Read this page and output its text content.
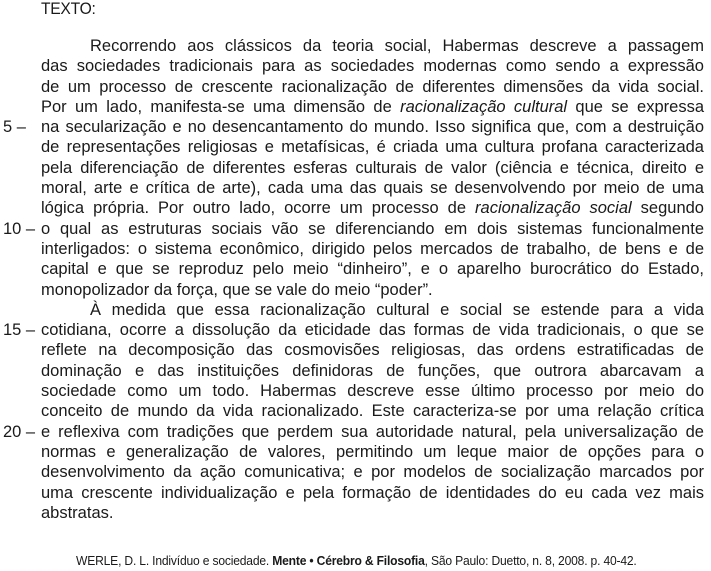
TEXTO:
Recorrendo aos clássicos da teoria social, Habermas descreve a passagem
das sociedades tradicionais para as sociedades modernas como sendo a expressão
de um processo de crescente racionalização de diferentes dimensões da vida social.
Por um lado, manifesta-se uma dimensão de racionalização cultural que se expressa
5 – na secularização e no desencantamento do mundo. Isso significa que, com a destruição
de representações religiosas e metafísicas, é criada uma cultura profana caracterizada
pela diferenciação de diferentes esferas culturais de valor (ciência e técnica, direito e
moral, arte e crítica de arte), cada uma das quais se desenvolvendo por meio de uma
lógica própria. Por outro lado, ocorre um processo de racionalização social segundo
10 – o qual as estruturas sociais vão se diferenciando em dois sistemas funcionalmente
interligados: o sistema econômico, dirigido pelos mercados de trabalho, de bens e de
capital e que se reproduz pelo meio “dinheiro”, e o aparelho burocrático do Estado,
monopolizador da força, que se vale do meio “poder”.
À medida que essa racionalização cultural e social se estende para a vida
15 – cotidiana, ocorre a dissolução da eticidade das formas de vida tradicionais, o que se
reflete na decomposição das cosmovisões religiosas, das ordens estratificadas de
dominação e das instituições definidoras de funções, que outrora abarcavam a
sociedade como um todo. Habermas descreve esse último processo por meio do
conceito de mundo da vida racionalizado. Este caracteriza-se por uma relação crítica
20 – e reflexiva com tradições que perdem sua autoridade natural, pela universalização de
normas e generalização de valores, permitindo um leque maior de opções para o
desenvolvimento da ação comunicativa; e por modelos de socialização marcados por
uma crescente individualização e pela formação de identidades do eu cada vez mais
abstratas.
WERLE, D. L. Indivíduo e sociedade. Mente • Cérebro & Filosofia, São Paulo: Duetto, n. 8, 2008. p. 40-42.
